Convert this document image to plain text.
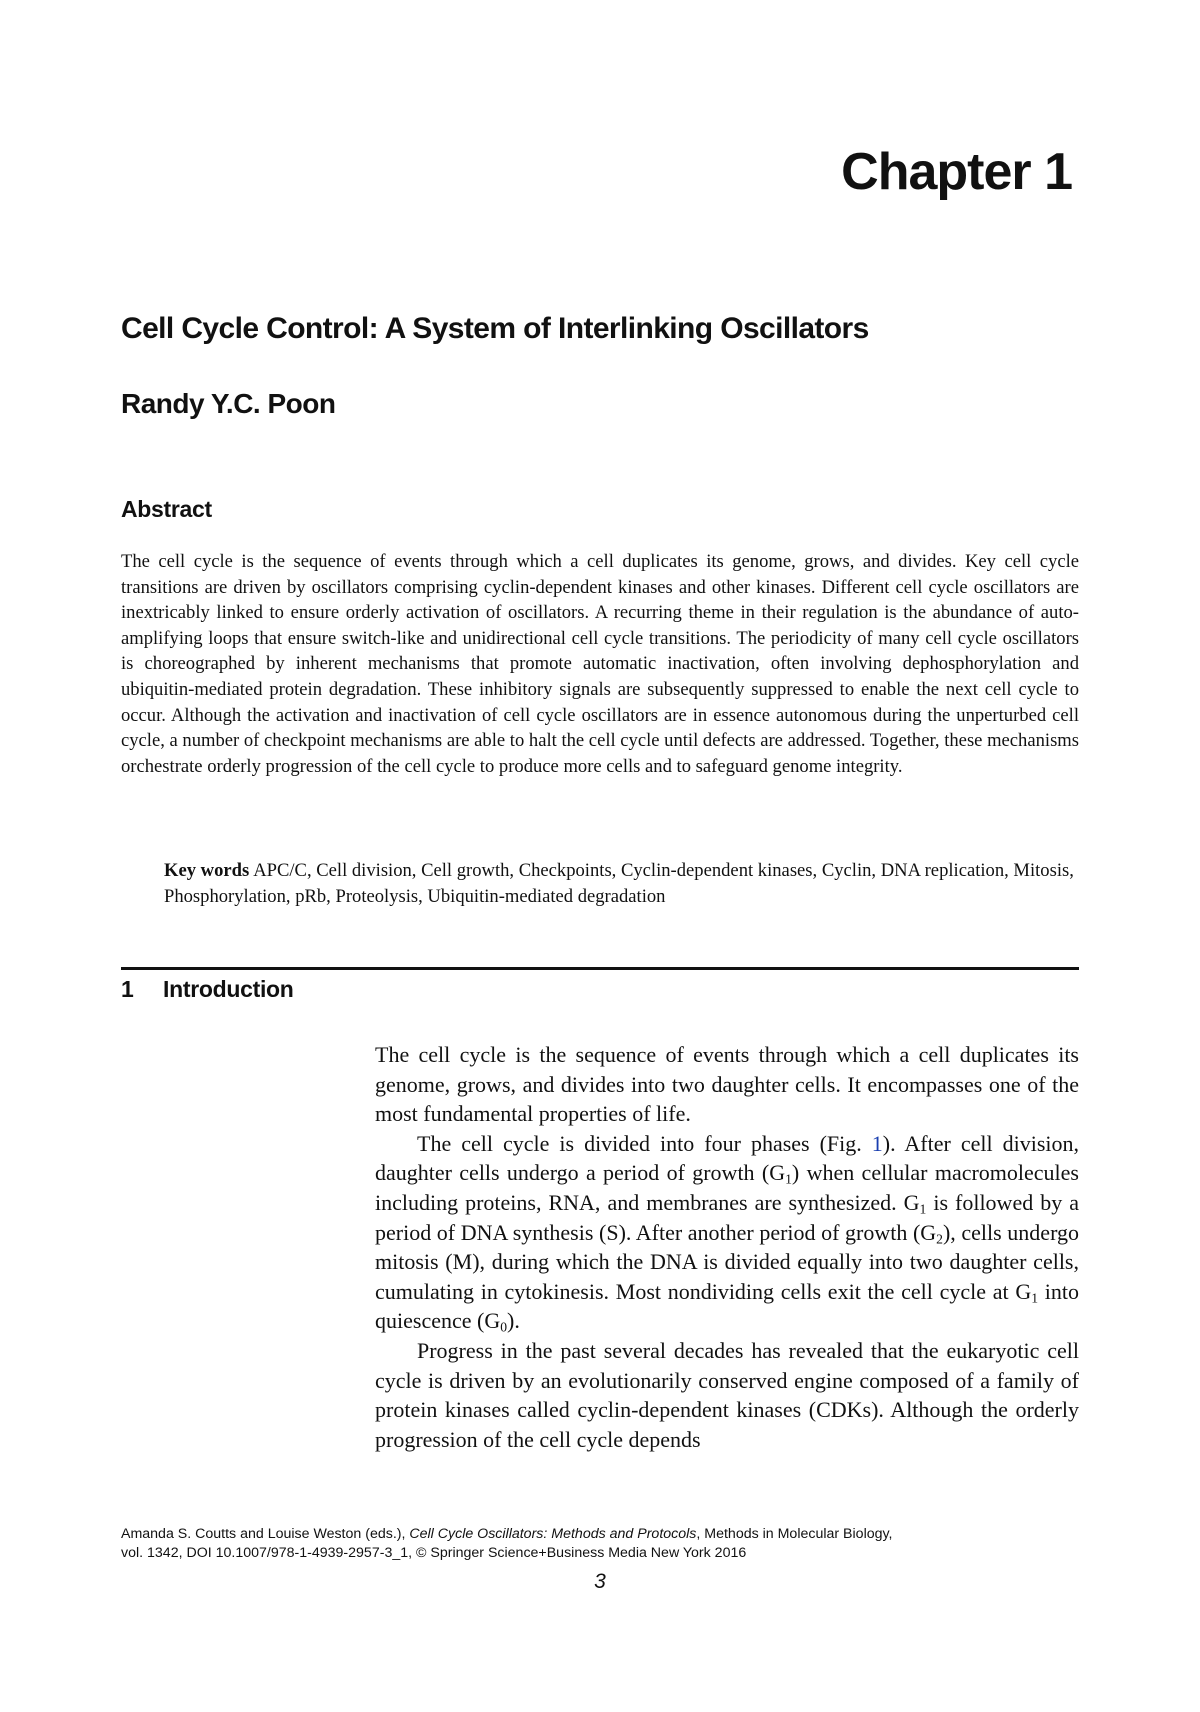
Chapter 1
Cell Cycle Control: A System of Interlinking Oscillators
Randy Y.C. Poon
Abstract

The cell cycle is the sequence of events through which a cell duplicates its genome, grows, and divides. Key cell cycle transitions are driven by oscillators comprising cyclin-dependent kinases and other kinases. Different cell cycle oscillators are inextricably linked to ensure orderly activation of oscillators. A recurring theme in their regulation is the abundance of auto-amplifying loops that ensure switch-like and unidirectional cell cycle transitions. The periodicity of many cell cycle oscillators is choreographed by inherent mechanisms that promote automatic inactivation, often involving dephosphorylation and ubiquitin-mediated protein degradation. These inhibitory signals are subsequently suppressed to enable the next cell cycle to occur. Although the activation and inactivation of cell cycle oscillators are in essence autonomous during the unperturbed cell cycle, a number of checkpoint mechanisms are able to halt the cell cycle until defects are addressed. Together, these mechanisms orchestrate orderly progression of the cell cycle to produce more cells and to safeguard genome integrity.

Key words APC/C, Cell division, Cell growth, Checkpoints, Cyclin-dependent kinases, Cyclin, DNA replication, Mitosis, Phosphorylation, pRb, Proteolysis, Ubiquitin-mediated degradation

1 Introduction

The cell cycle is the sequence of events through which a cell duplicates its genome, grows, and divides into two daughter cells. It encompasses one of the most fundamental properties of life.

The cell cycle is divided into four phases (Fig. 1). After cell division, daughter cells undergo a period of growth $(G_1)$ when cellular macromolecules including proteins, RNA, and membranes are synthesized. $G_1$ is followed by a period of DNA synthesis (S). After another period of growth $(G_2)$, cells undergo mitosis (M), during which the DNA is divided equally into two daughter cells, cumulating in cytokinesis. Most nondividing cells exit the cell cycle at $G_1$ into quiescence $(G_0)$.

Progress in the past several decades has revealed that the eukaryotic cell cycle is driven by an evolutionarily conserved engine composed of a family of protein kinases called cyclin-dependent kinases (CDKs). Although the orderly progression of the cell cycle depends

Amanda S. Coutts and Louise Weston (eds.), Cell Cycle Oscillators: Methods and Protocols, Methods in Molecular Biology,
vol. 1342, DOI 10.1007/978-1-4939-2957-3_1, © Springer Science+Business Media New York 2016

3
